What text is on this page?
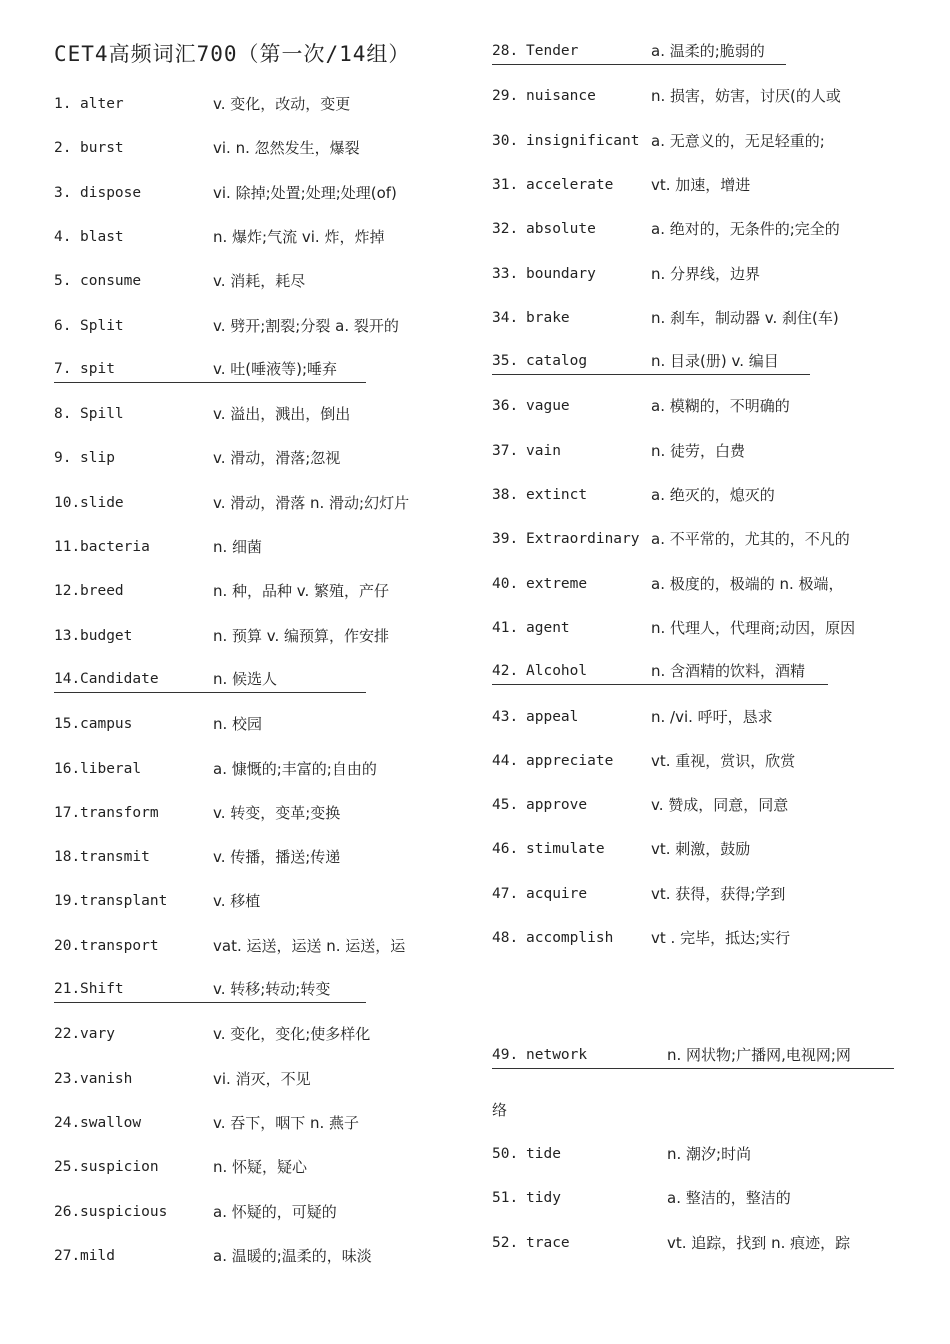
CET4高频词汇700（第一次/14组）
1. alter	v. 变化，改动，变更
2. burst	vi. n. 忽然发生，爆裂
3. dispose	vi. 除掉;处置;处理;处理(of)
4. blast	n. 爆炸;气流 vi. 炸，炸掉
5. consume	v. 消耗，耗尽
6. Split	v. 劈开;割裂;分裂 a. 裂开的
7. spit	v. 吐(唾液等);唾弃
8. Spill	v. 溢出，溅出，倒出
9. slip	v. 滑动，滑落;忽视
10. slide	v. 滑动，滑落 n. 滑动;幻灯片
11. bacteria	n. 细菌
12. breed	n. 种，品种 v. 繁殖，产仔
13. budget	n. 预算 v. 编预算，作安排
14. Candidate	n. 候选人
15. campus	n. 校园
16. liberal	a. 慷慨的;丰富的;自由的
17. transform	v. 转变，变革;变换
18. transmit	v. 传播，播送;传递
19. transplant	v. 移植
20. transport	vat. 运送，运送 n. 运送，运
21. Shift	v. 转移;转动;转变
22. vary	v. 变化，变化;使多样化
23. vanish	vi. 消灭，不见
24. swallow	v. 吞下，咽下 n. 燕子
25. suspicion	n. 怀疑，疑心
26. suspicious	a. 怀疑的，可疑的
27. mild	a. 温暖的;温柔的，味淡
28. Tender	a. 温柔的;脆弱的
29. nuisance	n. 损害，妨害，讨厌(的人或
30. insignificant a. 无意义的，无足轻重的;
31. accelerate	vt. 加速，增进
32. absolute	a. 绝对的，无条件的;完全的
33. boundary	n. 分界线，边界
34. brake	n. 刹车，制动器 v. 刹住(车)
35. catalog	n. 目录(册) v. 编目
36. vague	a. 模糊的，不明确的
37. vain	n. 徒劳，白费
38. extinct	a. 绝灭的，熄灭的
39. Extraordinary a. 不平常的，尤其的，不凡的
40. extreme	a. 极度的，极端的 n. 极端，
41. agent	n. 代理人，代理商;动因，原因
42. Alcohol	n. 含酒精的饮料，酒精
43. appeal	n. /vi. 呼吁，恳求
44. appreciate	vt. 重视，赏识，欣赏
45. approve	v. 赞成，同意，同意
46. stimulate	vt. 刺激，鼓励
47. acquire	vt. 获得，获得;学到
48. accomplish	vt . 完毕，抵达;实行
49. network	n. 网状物;广播网,电视网;网
络
50. tide	n. 潮汐;时尚
51. tidy	a. 整洁的，整洁的
52. trace	vt. 追踪，找到 n. 痕迹，踪
